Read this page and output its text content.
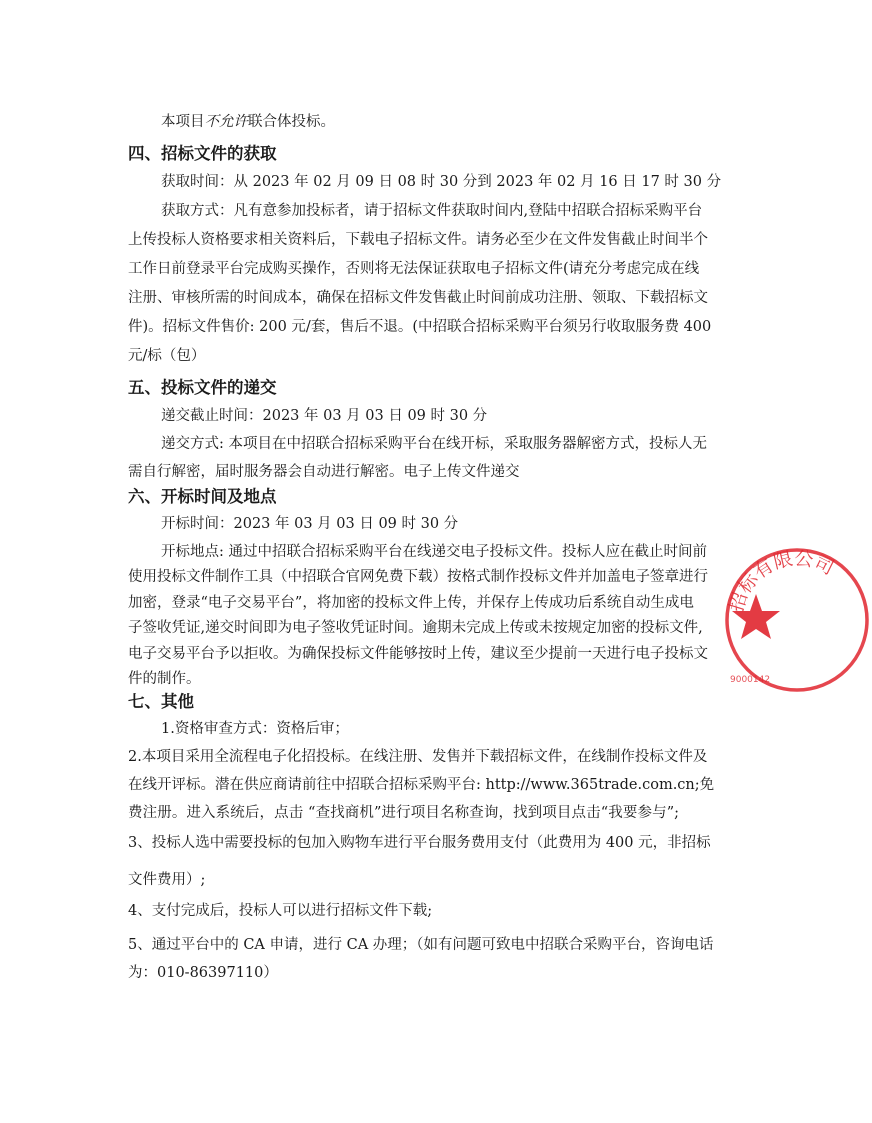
本项目不允许联合体投标。
四、招标文件的获取
获取时间：从 2023 年 02 月 09 日 08 时 30 分到 2023 年 02 月 16 日 17 时 30 分
获取方式：凡有意参加投标者，请于招标文件获取时间内,登陆中招联合招标采购平台
上传投标人资格要求相关资料后，下载电子招标文件。请务必至少在文件发售截止时间半个
工作日前登录平台完成购买操作，否则将无法保证获取电子招标文件(请充分考虑完成在线
注册、审核所需的时间成本，确保在招标文件发售截止时间前成功注册、领取、下载招标文
件)。招标文件售价: 200 元/套，售后不退。(中招联合招标采购平台须另行收取服务费 400
元/标（包）
五、投标文件的递交
递交截止时间：2023 年 03 月 03 日 09 时 30 分
递交方式: 本项目在中招联合招标采购平台在线开标，采取服务器解密方式，投标人无
需自行解密，届时服务器会自动进行解密。电子上传文件递交
六、开标时间及地点
开标时间：2023 年 03 月 03 日 09 时 30 分
开标地点: 通过中招联合招标采购平台在线递交电子投标文件。投标人应在截止时间前
使用投标文件制作工具（中招联合官网免费下载）按格式制作投标文件并加盖电子签章进行
加密，登录“电子交易平台”，将加密的投标文件上传，并保存上传成功后系统自动生成电
子签收凭证,递交时间即为电子签收凭证时间。逾期未完成上传或未按规定加密的投标文件,
电子交易平台予以拒收。为确保投标文件能够按时上传，建议至少提前一天进行电子投标文
件的制作。
七、其他
1.资格审查方式：资格后审；
2.本项目采用全流程电子化招投标。在线注册、发售并下载招标文件，在线制作投标文件及
在线开评标。潜在供应商请前往中招联合招标采购平台: http://www.365trade.com.cn;免
费注册。进入系统后，点击 “查找商机”进行项目名称查询，找到项目点击“我要参与”;
3、投标人选中需要投标的包加入购物车进行平台服务费用支付（此费用为 400 元，非招标
文件费用）;
4、支付完成后，投标人可以进行招标文件下载;
5、通过平台中的 CA 申请，进行 CA 办理；（如有问题可致电中招联合采购平台，咨询电话
为：010-86397110）
招标有限公司
9000142
